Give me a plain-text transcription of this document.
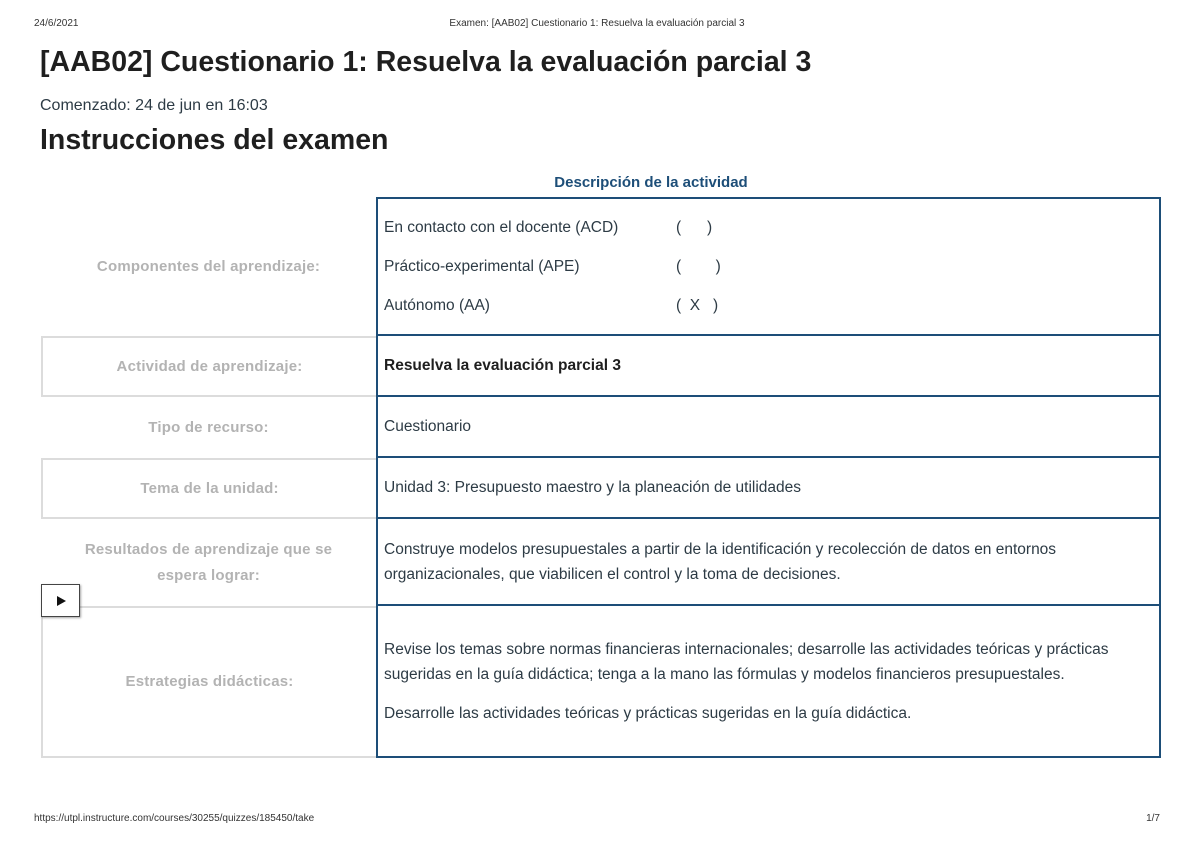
24/6/2021	Examen: [AAB02] Cuestionario 1: Resuelva la evaluación parcial 3
[AAB02] Cuestionario 1: Resuelva la evaluación parcial 3
Comenzado: 24 de jun en 16:03
Instrucciones del examen
Descripción de la actividad
Componentes del aprendizaje:
En contacto con el docente (ACD)	(      )
Práctico-experimental (APE)	(        )
Autónomo (AA)	(  X   )
Actividad de aprendizaje:	Resuelva la evaluación parcial 3
Tipo de recurso:	Cuestionario
Tema de la unidad:	Unidad 3: Presupuesto maestro y la planeación de utilidades
Resultados de aprendizaje que se espera lograr:
Construye modelos presupuestales a partir de la identificación y recolección de datos en entornos organizacionales, que viabilicen el control y la toma de decisiones.
Estrategias didácticas:

Revise los temas sobre normas financieras internacionales; desarrolle las actividades teóricas y prácticas sugeridas en la guía didáctica; tenga a la mano las fórmulas y modelos financieros presupuestales.

Desarrolle las actividades teóricas y prácticas sugeridas en la guía didáctica.

https://utpl.instructure.com/courses/30255/quizzes/185450/take	1/7
